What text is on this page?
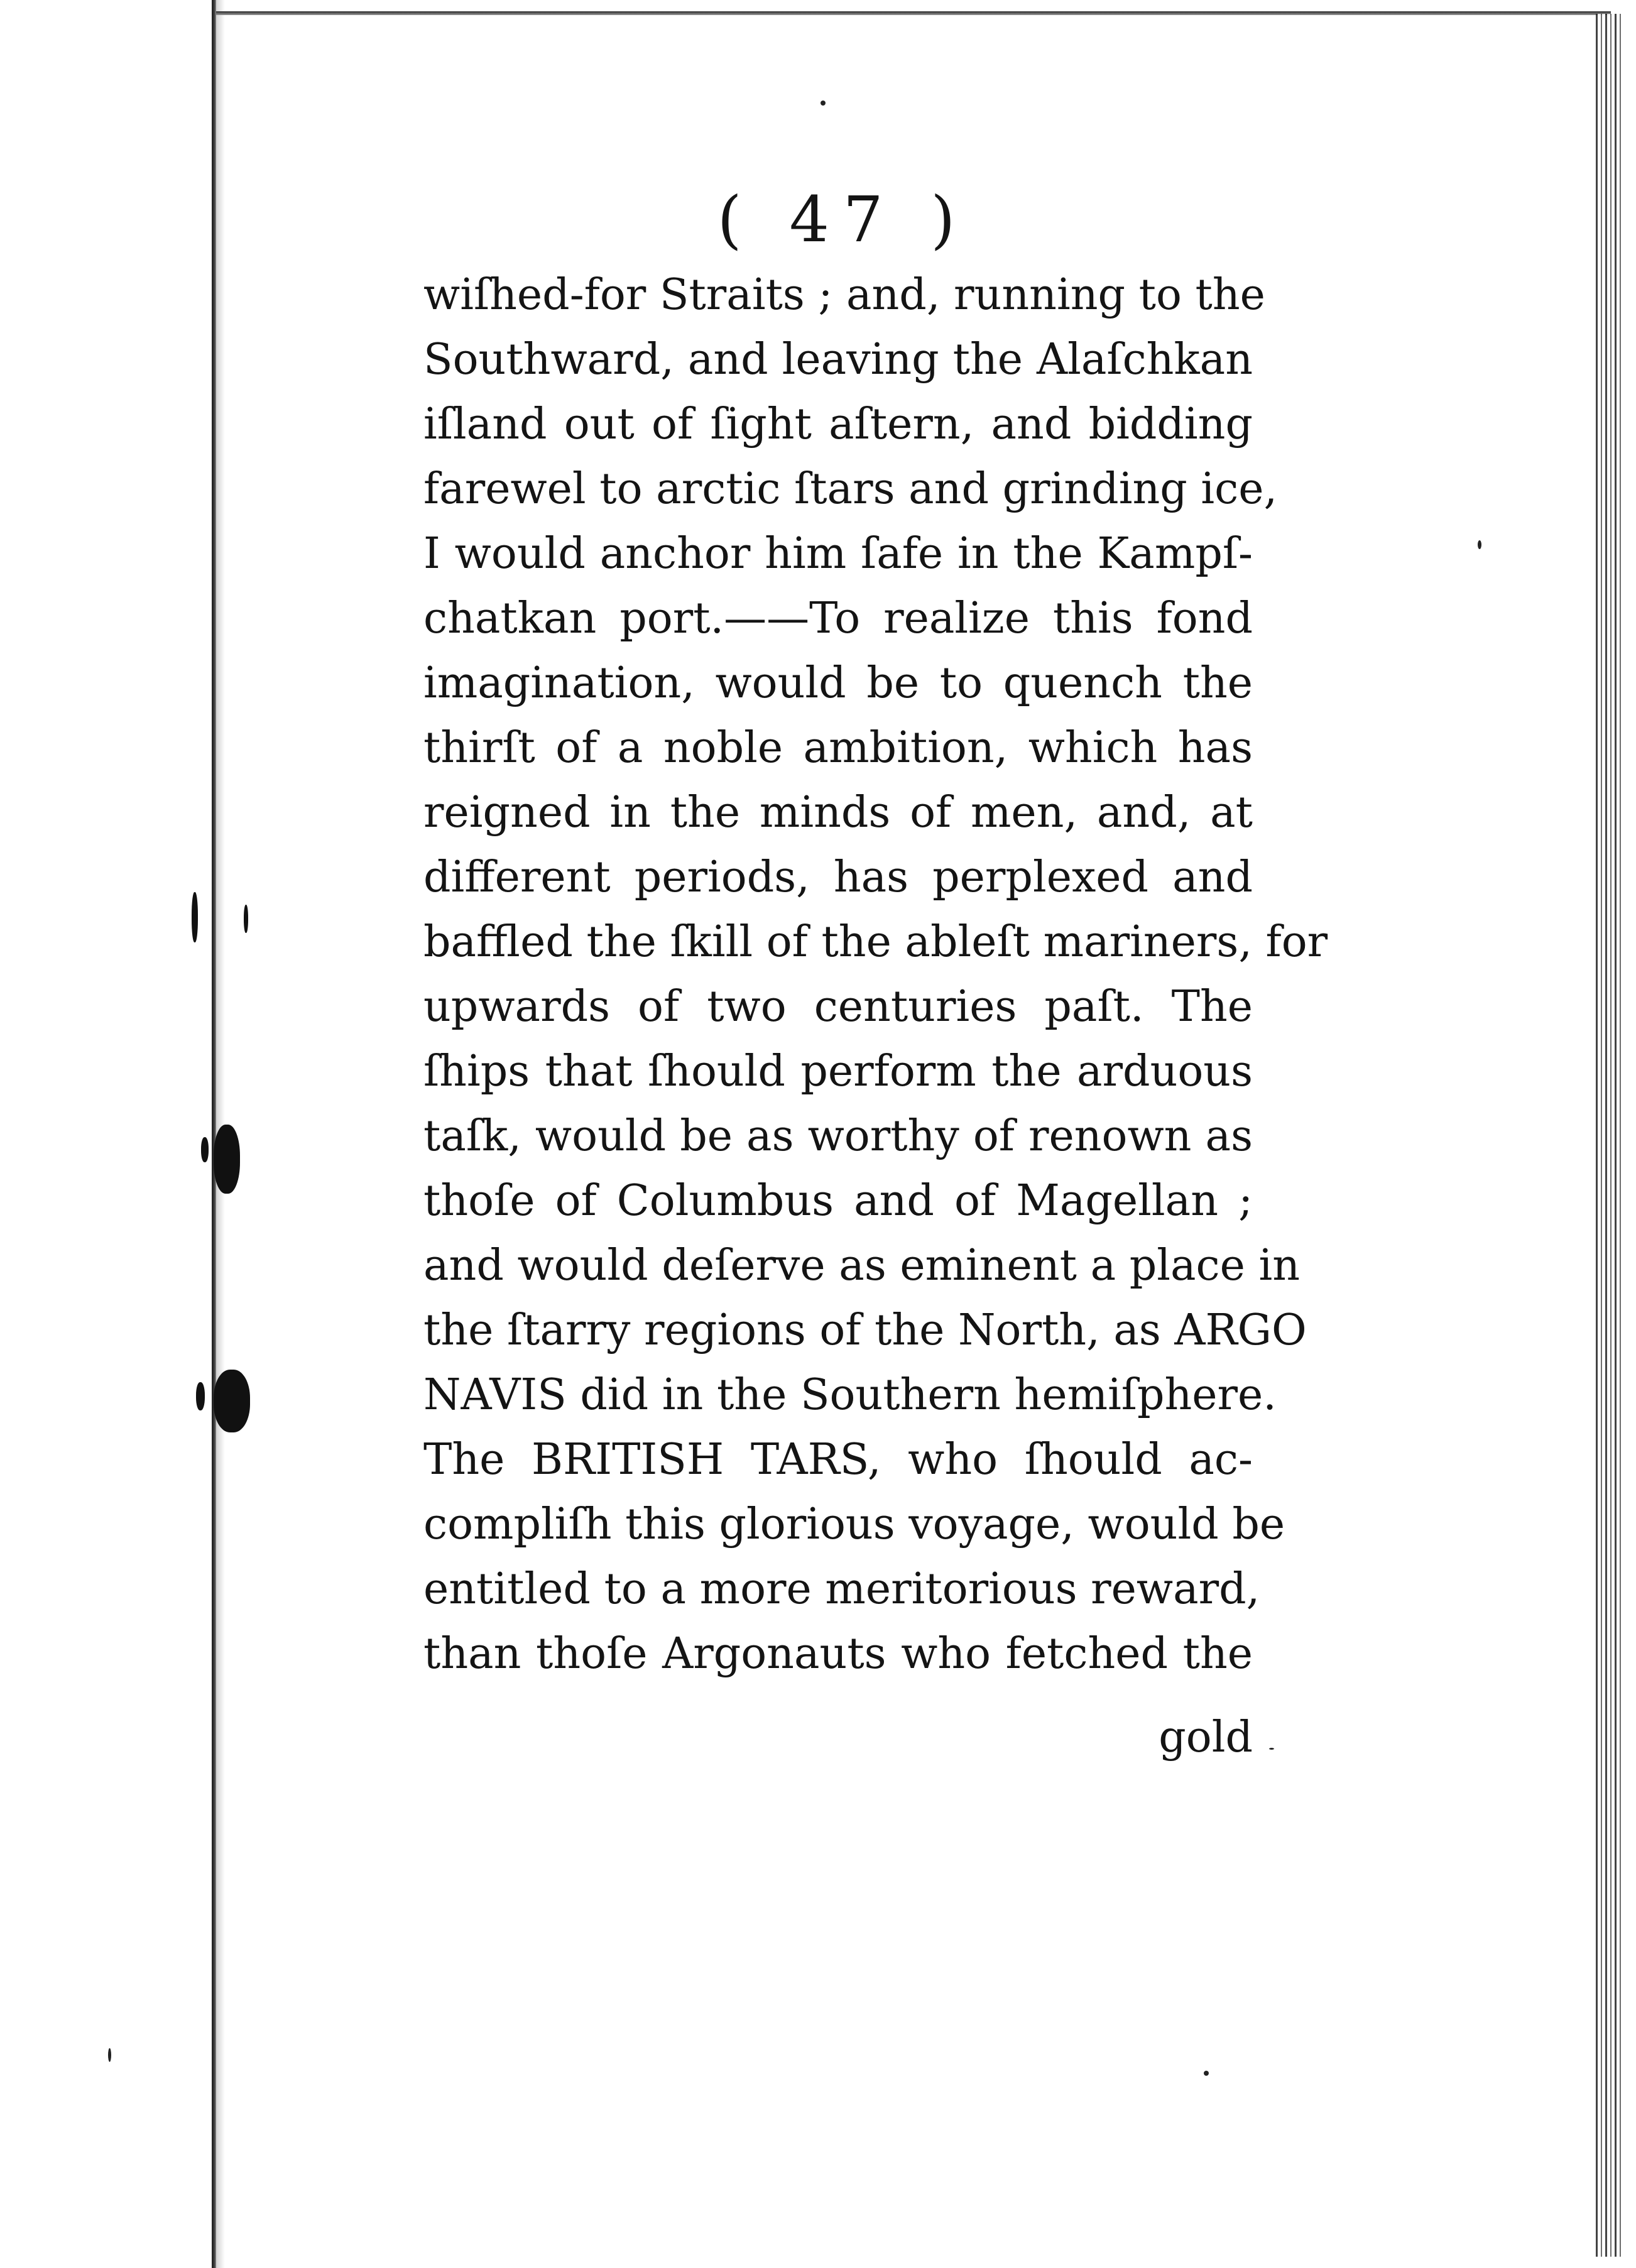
( 47 )
wiſhed-for Straits ; and, running to the
Southward, and leaving the Alaſchkan
iſland out of ſight aſtern, and bidding
farewel to arctic ſtars and grinding ice,
I would anchor him ſafe in the Kampſ-
chatkan port.——To realize this fond
imagination, would be to quench the
thirſt of a noble ambition, which has
reigned in the minds of men, and, at
different periods, has perplexed and
baffled the ſkill of the ableſt mariners, for
upwards of two centuries paſt. The
ſhips that ſhould perform the arduous
taſk, would be as worthy of renown as
thoſe of Columbus and of Magellan ;
and would deſerve as eminent a place in
the ſtarry regions of the North, as ARGO
NAVIS did in the Southern hemiſphere.
The BRITISH TARS, who ſhould ac-
compliſh this glorious voyage, would be
entitled to a more meritorious reward,
than thoſe Argonauts who fetched the
gold
